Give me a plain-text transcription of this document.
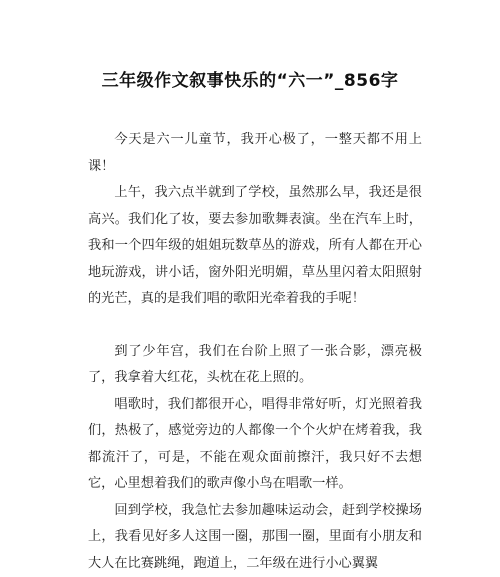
三年级作文叙事快乐的“六一”_856字

今天是六一儿童节，我开心极了，一整天都不用上课！

上午，我六点半就到了学校，虽然那么早，我还是很高兴。我们化了妆，要去参加歌舞表演。坐在汽车上时，我和一个四年级的姐姐玩数草丛的游戏，所有人都在开心地玩游戏，讲小话，窗外阳光明媚，草丛里闪着太阳照射的光芒，真的是我们唱的歌阳光牵着我的手呢！

到了少年宫，我们在台阶上照了一张合影，漂亮极了，我拿着大红花，头枕在花上照的。

唱歌时，我们都很开心，唱得非常好听，灯光照着我们，热极了，感觉旁边的人都像一个个火炉在烤着我，我都流汗了，可是，不能在观众面前擦汗，我只好不去想它，心里想着我们的歌声像小鸟在唱歌一样。

回到学校，我急忙去参加趣味运动会，赶到学校操场上，我看见好多人这围一圈，那围一圈，里面有小朋友和大人在比赛跳绳，跑道上，二年级在进行小心翼翼
